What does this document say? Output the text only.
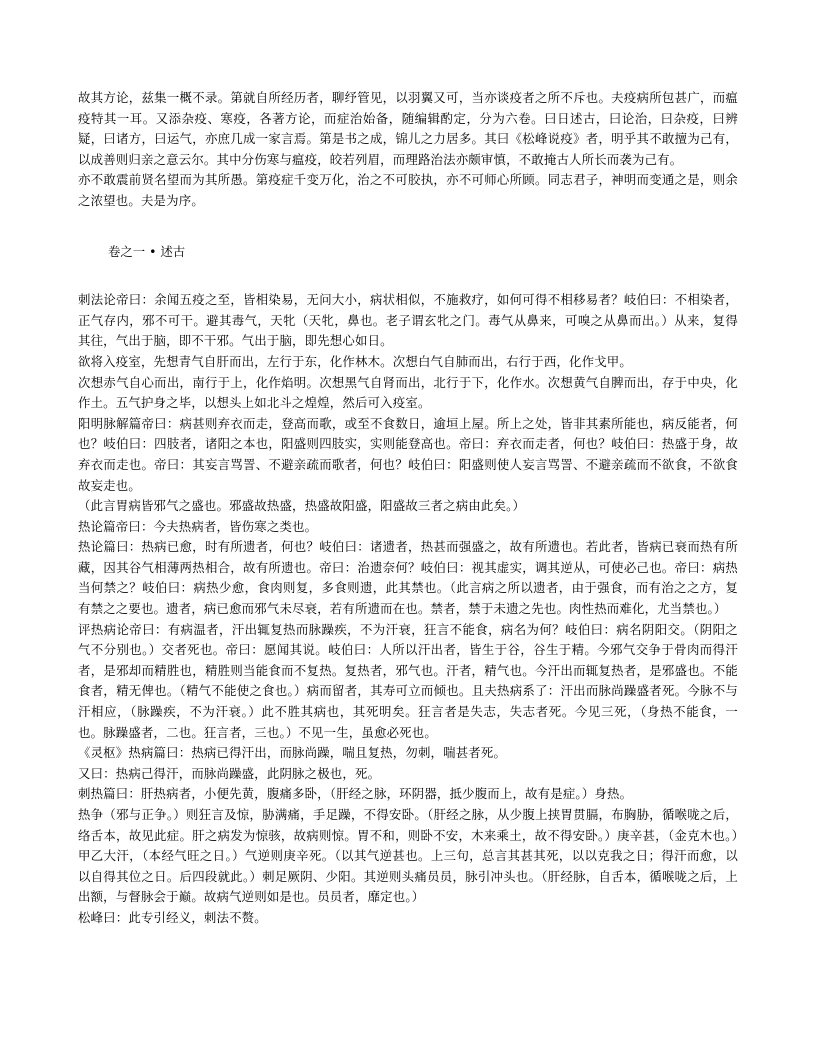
故其方论，兹集一概不录。第就自所经历者，聊纾管见，以羽翼又可，当亦谈疫者之所不斥也。夫疫病所包甚广，而瘟疫特其一耳。又添杂疫、寒疫，各著方论，而症治始备，随编辑酌定，分为六卷。曰日述古，曰论治，曰杂疫，曰辨疑，曰诸方，曰运气，亦庶几成一家言焉。第是书之成，锦儿之力居多。其曰《松峰说疫》者，明乎其不敢擅为己有，以成善则归亲之意云尔。其中分伤寒与瘟疫，皎若列眉，而理路治法亦颇审慎，不敢掩古人所长而袭为己有。

亦不敢震前贤名望而为其所愚。第疫症千变万化，治之不可胶执，亦不可师心所顾。同志君子，神明而变通之是，则余之浓望也。夫是为序。

卷之一 • 述古

刺法论帝曰：余闻五疫之至，皆相染易，无问大小，病状相似，不施救疗，如何可得不相移易者？岐伯曰：不相染者，正气存内，邪不可干。避其毒气，天牝（天牝，鼻也。老子谓玄牝之门。毒气从鼻来，可嗅之从鼻而出。）从来，复得其往，气出于脑，即不干邪。气出于脑，即先想心如日。

欲将入疫室，先想青气自肝而出，左行于东，化作林木。次想白气自肺而出，右行于西，化作戈甲。

次想赤气自心而出，南行于上，化作焰明。次想黑气自肾而出，北行于下，化作水。次想黄气自脾而出，存于中央，化作土。五气护身之毕，以想头上如北斗之煌煌，然后可入疫室。

阳明脉解篇帝曰：病甚则弃衣而走，登高而歌，或至不食数日，逾垣上屋。所上之处，皆非其素所能也，病反能者，何也？岐伯曰：四肢者，诸阳之本也，阳盛则四肢实，实则能登高也。帝曰：弃衣而走者，何也？岐伯曰：热盛于身，故弃衣而走也。帝曰：其妄言骂詈、不避亲疏而歌者，何也？岐伯曰：阳盛则使人妄言骂詈、不避亲疏而不欲食，不欲食故妄走也。

（此言胃病皆邪气之盛也。邪盛故热盛，热盛故阳盛，阳盛故三者之病由此矣。）

热论篇帝曰：今夫热病者，皆伤寒之类也。

热论篇曰：热病已愈，时有所遗者，何也？岐伯曰：诸遗者，热甚而强盛之，故有所遗也。若此者，皆病已衰而热有所藏，因其谷气相薄两热相合，故有所遗也。帝曰：治遗奈何？岐伯曰：视其虚实，调其逆从，可使必己也。帝曰：病热当何禁之？岐伯曰：病热少愈，食肉则复，多食则遗，此其禁也。（此言病之所以遗者，由于强食，而有治之之方，复有禁之之要也。遗者，病已愈而邪气未尽衰，若有所遗而在也。禁者，禁于未遗之先也。肉性热而难化，尤当禁也。）

评热病论帝曰：有病温者，汗出辄复热而脉躁疾，不为汗衰，狂言不能食，病名为何？岐伯曰：病名阴阳交。（阴阳之气不分别也。）交者死也。帝曰：愿闻其说。岐伯曰：人所以汗出者，皆生于谷，谷生于精。今邪气交争于骨肉而得汗者，是邪却而精胜也，精胜则当能食而不复热。复热者，邪气也。汗者，精气也。今汗出而辄复热者，是邪盛也。不能食者，精无俾也。（精气不能使之食也。）病而留者，其寿可立而倾也。且夫热病系了：汗出而脉尚躁盛者死。今脉不与汗相应，（脉躁疾，不为汗衰。）此不胜其病也，其死明矣。狂言者是失志，失志者死。今见三死，（身热不能食，一也。脉躁盛者，二也。狂言者，三也。）不见一生，虽愈必死也。

《灵枢》热病篇曰：热病已得汗出，而脉尚躁，喘且复热，勿刺，喘甚者死。

又曰：热病己得汗，而脉尚躁盛，此阴脉之极也，死。

刺热篇曰：肝热病者，小便先黄，腹痛多卧，（肝经之脉，环阴器，抵少腹而上，故有是症。）身热。

热争（邪与正争。）则狂言及惊，胁满痛，手足躁，不得安卧。（肝经之脉，从少腹上挟胃贯膈，布胸胁，循喉咙之后，络舌本，故见此症。肝之病发为惊骇，故病则惊。胃不和，则卧不安，木来乘土，故不得安卧。）庚辛甚，（金克木也。）甲乙大汗，（本经气旺之日。）气逆则庚辛死。（以其气逆甚也。上三句，总言其甚其死，以以克我之日；得汗而愈，以以自得其位之日。后四段就此。）刺足厥阴、少阳。其逆则头痛员员，脉引冲头也。（肝经脉，自舌本，循喉咙之后，上出额，与督脉会于巅。故病气逆则如是也。员员者，靡定也。）

松峰曰：此专引经义，刺法不赘。
